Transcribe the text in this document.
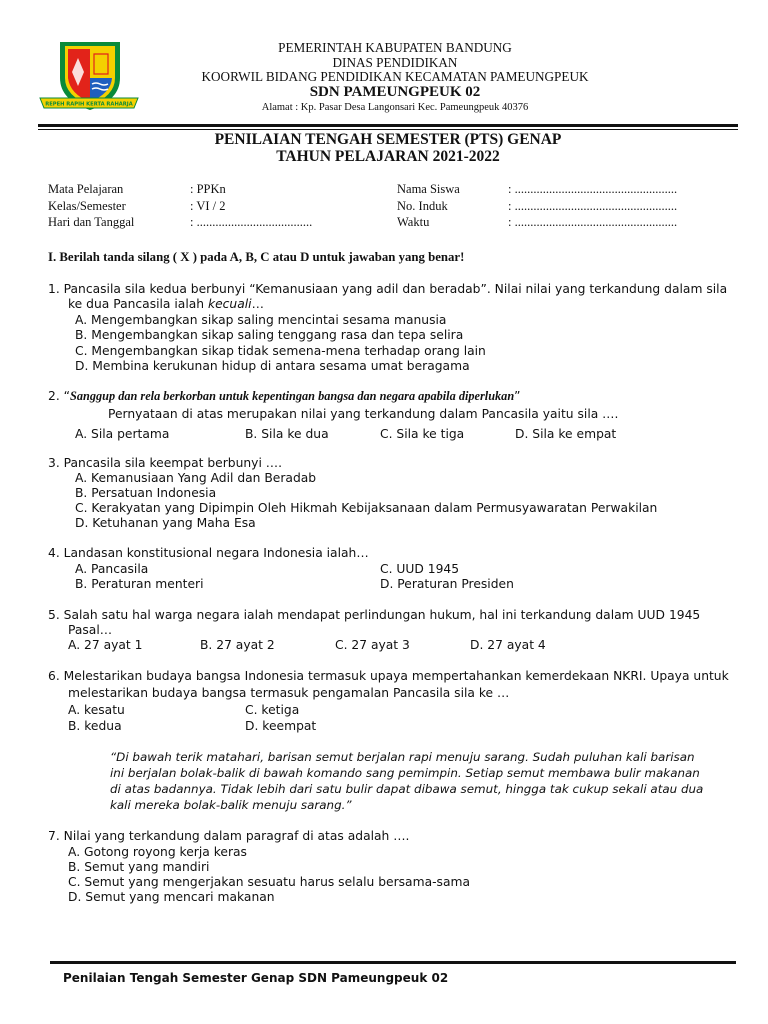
REPEH RAPIH KERTA RAHARJA
PEMERINTAH KABUPATEN BANDUNG
DINAS PENDIDIKAN
KOORWIL BIDANG PENDIDIKAN KECAMATAN PAMEUNGPEUK
SDN PAMEUNGPEUK 02
Alamat : Kp. Pasar Desa Langonsari Kec. Pameungpeuk 40376
PENILAIAN TENGAH SEMESTER (PTS) GENAP
TAHUN PELAJARAN 2021-2022
Mata Pelajaran	: PPKn
Kelas/Semester	: VI / 2
Hari dan Tanggal	: .....................................
Nama Siswa	: ....................................................
No. Induk	: ....................................................
Waktu	: ....................................................
I. Berilah tanda silang ( X ) pada A, B, C atau D untuk jawaban yang benar!
1. Pancasila sila kedua berbunyi “Kemanusiaan yang adil dan beradab”. Nilai nilai yang terkandung dalam sila
ke dua Pancasila ialah kecuali…
A. Mengembangkan sikap saling mencintai sesama manusia
B. Mengembangkan sikap saling tenggang rasa dan tepa selira
C. Mengembangkan sikap tidak semena-mena terhadap orang lain
D. Membina kerukunan hidup di antara sesama umat beragama
2. “Sanggup dan rela berkorban untuk kepentingan bangsa dan negara apabila diperlukan”
Pernyataan di atas merupakan nilai yang terkandung dalam Pancasila yaitu sila ….
A. Sila pertama	B. Sila ke dua	C. Sila ke tiga	D. Sila ke empat
3. Pancasila sila keempat berbunyi ….
A. Kemanusiaan Yang Adil dan Beradab
B. Persatuan Indonesia
C. Kerakyatan yang Dipimpin Oleh Hikmah Kebijaksanaan dalam Permusyawaratan Perwakilan
D. Ketuhanan yang Maha Esa
4. Landasan konstitusional negara Indonesia ialah…
A. Pancasila
B. Peraturan menteri
C. UUD 1945
D. Peraturan Presiden
5. Salah satu hal warga negara ialah mendapat perlindungan hukum, hal ini terkandung dalam UUD 1945
Pasal…
A. 27 ayat 1	B. 27 ayat 2	C. 27 ayat 3	D. 27 ayat 4
6. Melestarikan budaya bangsa Indonesia termasuk upaya mempertahankan kemerdekaan NKRI. Upaya untuk
melestarikan budaya bangsa termasuk pengamalan Pancasila sila ke …
A. kesatu
B. kedua
C. ketiga
D. keempat
“Di bawah terik matahari, barisan semut berjalan rapi menuju sarang. Sudah puluhan kali barisan
ini berjalan bolak-balik di bawah komando sang pemimpin. Setiap semut membawa bulir makanan
di atas badannya. Tidak lebih dari satu bulir dapat dibawa semut, hingga tak cukup sekali atau dua
kali mereka bolak-balik menuju sarang.”
7. Nilai yang terkandung dalam paragraf di atas adalah ….
A. Gotong royong kerja keras
B. Semut yang mandiri
C. Semut yang mengerjakan sesuatu harus selalu bersama-sama
D. Semut yang mencari makanan
Penilaian Tengah Semester Genap SDN Pameungpeuk 02
